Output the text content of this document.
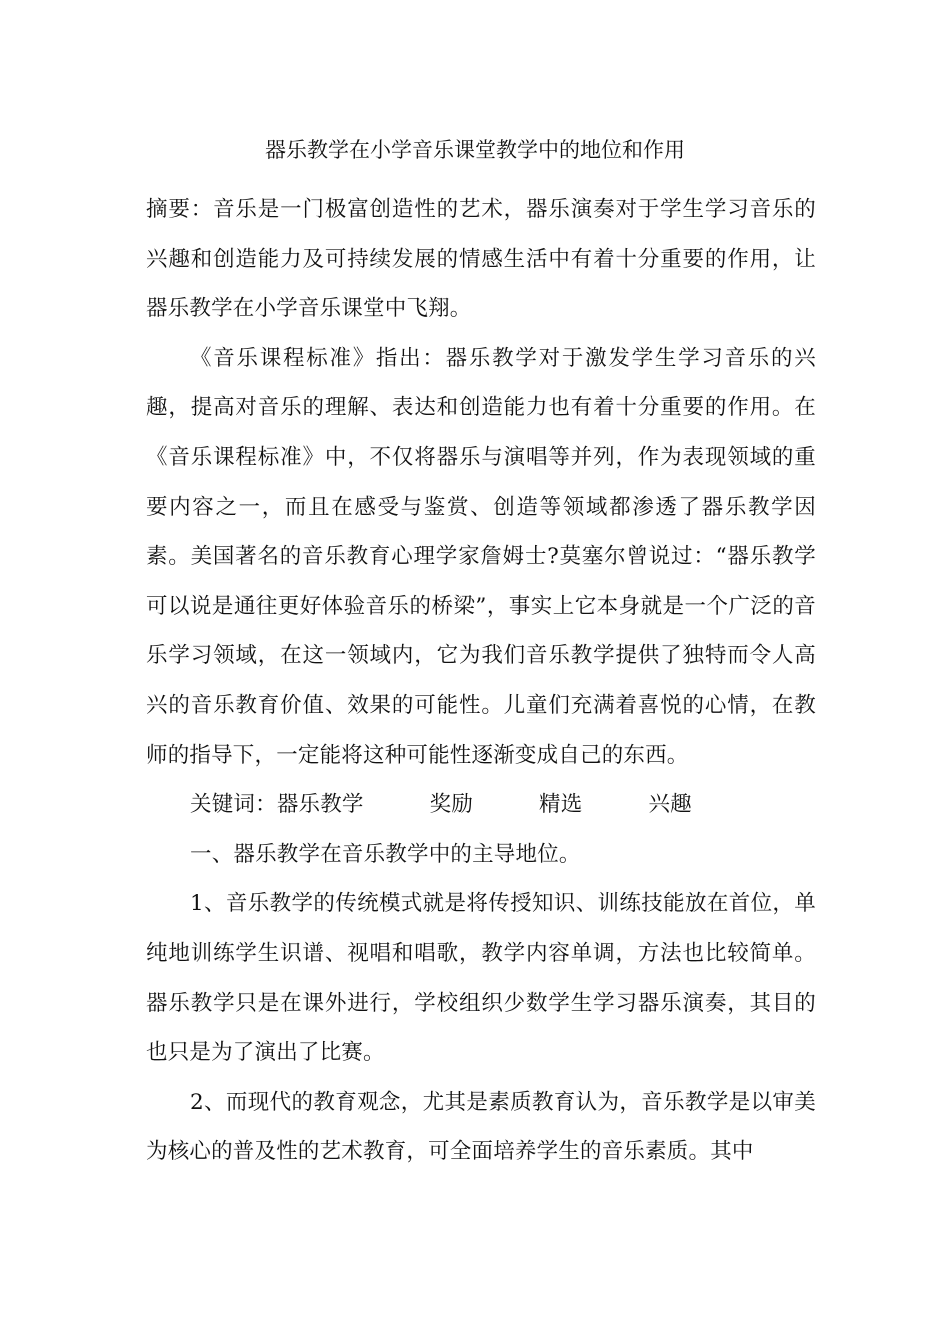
器乐教学在小学音乐课堂教学中的地位和作用

摘要：音乐是一门极富创造性的艺术，器乐演奏对于学生学习音乐的兴趣和创造能力及可持续发展的情感生活中有着十分重要的作用，让器乐教学在小学音乐课堂中飞翔。

《音乐课程标准》指出：器乐教学对于激发学生学习音乐的兴趣，提高对音乐的理解、表达和创造能力也有着十分重要的作用。在《音乐课程标准》中，不仅将器乐与演唱等并列，作为表现领域的重要内容之一，而且在感受与鉴赏、创造等领域都渗透了器乐教学因素。美国著名的音乐教育心理学家詹姆士?莫塞尔曾说过：“器乐教学可以说是通往更好体验音乐的桥梁”，事实上它本身就是一个广泛的音乐学习领域，在这一领域内，它为我们音乐教学提供了独特而令人高兴的音乐教育价值、效果的可能性。儿童们充满着喜悦的心情，在教师的指导下，一定能将这种可能性逐渐变成自己的东西。

关键词：器乐教学	奖励	精选	兴趣

一、器乐教学在音乐教学中的主导地位。

1、音乐教学的传统模式就是将传授知识、训练技能放在首位，单纯地训练学生识谱、视唱和唱歌，教学内容单调，方法也比较简单。器乐教学只是在课外进行，学校组织少数学生学习器乐演奏，其目的也只是为了演出了比赛。

2、而现代的教育观念，尤其是素质教育认为，音乐教学是以审美为核心的普及性的艺术教育，可全面培养学生的音乐素质。其中
